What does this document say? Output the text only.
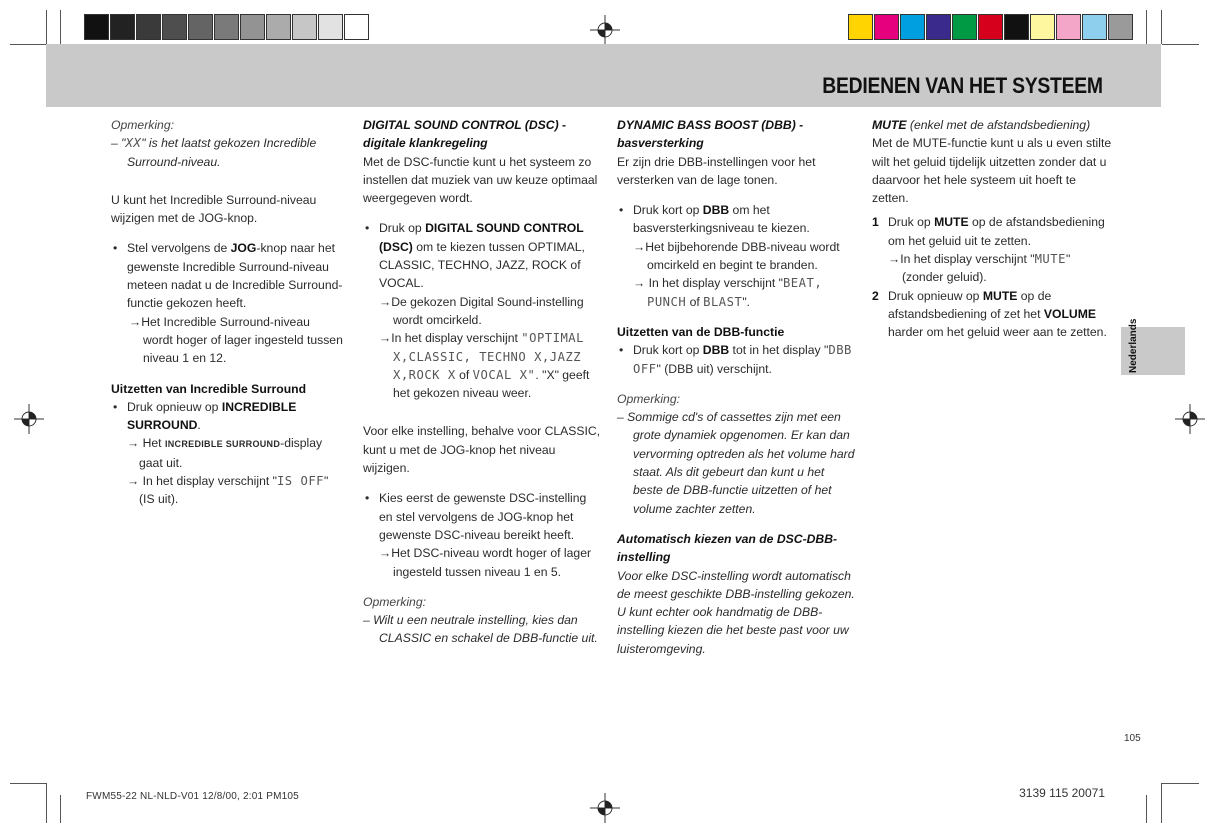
BEDIENEN VAN HET SYSTEEM

Opmerking:

– "XX" is het laatst gekozen Incredible

Surround-niveau.

U kunt het Incredible Surround-niveau wijzigen met de JOG-knop.

• Stel vervolgens de JOG-knop naar het gewenste Incredible Surround-niveau meteen nadat u de Incredible Surround-functie gekozen heeft.

→Het Incredible Surround-niveau wordt hoger of lager ingesteld tussen niveau 1 en 12.

Uitzetten van Incredible Surround

• Druk opnieuw op INCREDIBLE SURROUND.

→ Het INCREDIBLE SURROUND-display gaat uit.

→ In het display verschijnt "IS OFF" (IS uit).

DIGITAL SOUND CONTROL (DSC) -

digitale klankregeling

Met de DSC-functie kunt u het systeem zo instellen dat muziek van uw keuze optimaal weergegeven wordt.

• Druk op DIGITAL SOUND CONTROL (DSC) om te kiezen tussen OPTIMAL, CLASSIC, TECHNO, JAZZ, ROCK of VOCAL.

→De gekozen Digital Sound-instelling wordt omcirkeld.

→In het display verschijnt "OPTIMAL X,CLASSIC, TECHNO X,JAZZ X,ROCK X of VOCAL X". "X" geeft het gekozen niveau weer.

Voor elke instelling, behalve voor CLASSIC, kunt u met de JOG-knop het niveau wijzigen.

• Kies eerst de gewenste DSC-instelling en stel vervolgens de JOG-knop het gewenste DSC-niveau bereikt heeft.

→Het DSC-niveau wordt hoger of lager ingesteld tussen niveau 1 en 5.

Opmerking:

– Wilt u een neutrale instelling, kies dan CLASSIC en schakel de DBB-functie uit.

DYNAMIC BASS BOOST (DBB) -

basversterking

Er zijn drie DBB-instellingen voor het versterken van de lage tonen.

• Druk kort op DBB om het basversterkingsniveau te kiezen.

→Het bijbehorende DBB-niveau wordt omcirkeld en begint te branden.

→ In het display verschijnt "BEAT, PUNCH of BLAST".

Uitzetten van de DBB-functie

• Druk kort op DBB tot in het display "DBB OFF" (DBB uit) verschijnt.

Opmerking:

– Sommige cd's of cassettes zijn met een grote dynamiek opgenomen. Er kan dan vervorming optreden als het volume hard staat. Als dit gebeurt dan kunt u het beste de DBB-functie uitzetten of het volume zachter zetten.

Automatisch kiezen van de DSC-DBB-

instelling

Voor elke DSC-instelling wordt automatisch de meest geschikte DBB-instelling gekozen. U kunt echter ook handmatig de DBB-instelling kiezen die het beste past voor uw luisteromgeving.

MUTE (enkel met de afstandsbediening)

Met de MUTE-functie kunt u als u even stilte wilt het geluid tijdelijk uitzetten zonder dat u daarvoor het hele systeem uit hoeft te zetten.

1 Druk op MUTE op de afstandsbediening om het geluid uit te zetten.

→In het display verschijnt "MUTE" (zonder geluid).

2 Druk opnieuw op MUTE op de afstandsbediening of zet het VOLUME harder om het geluid weer aan te zetten.	Nederlands
105
FWM55-22 NL-NLD-V01 12/8/00, 2:01 PM105	3139 115 20071
